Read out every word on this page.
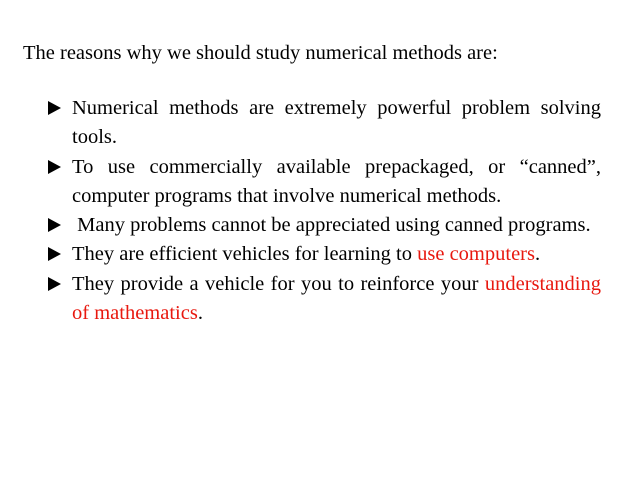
The reasons why we should study numerical methods are:
Numerical methods are extremely powerful problem solving tools.
To use commercially available prepackaged, or “canned”, computer programs that involve numerical methods.
Many problems cannot be appreciated using canned programs.
They are efficient vehicles for learning to use computers.
They provide a vehicle for you to reinforce your understanding of mathematics.
